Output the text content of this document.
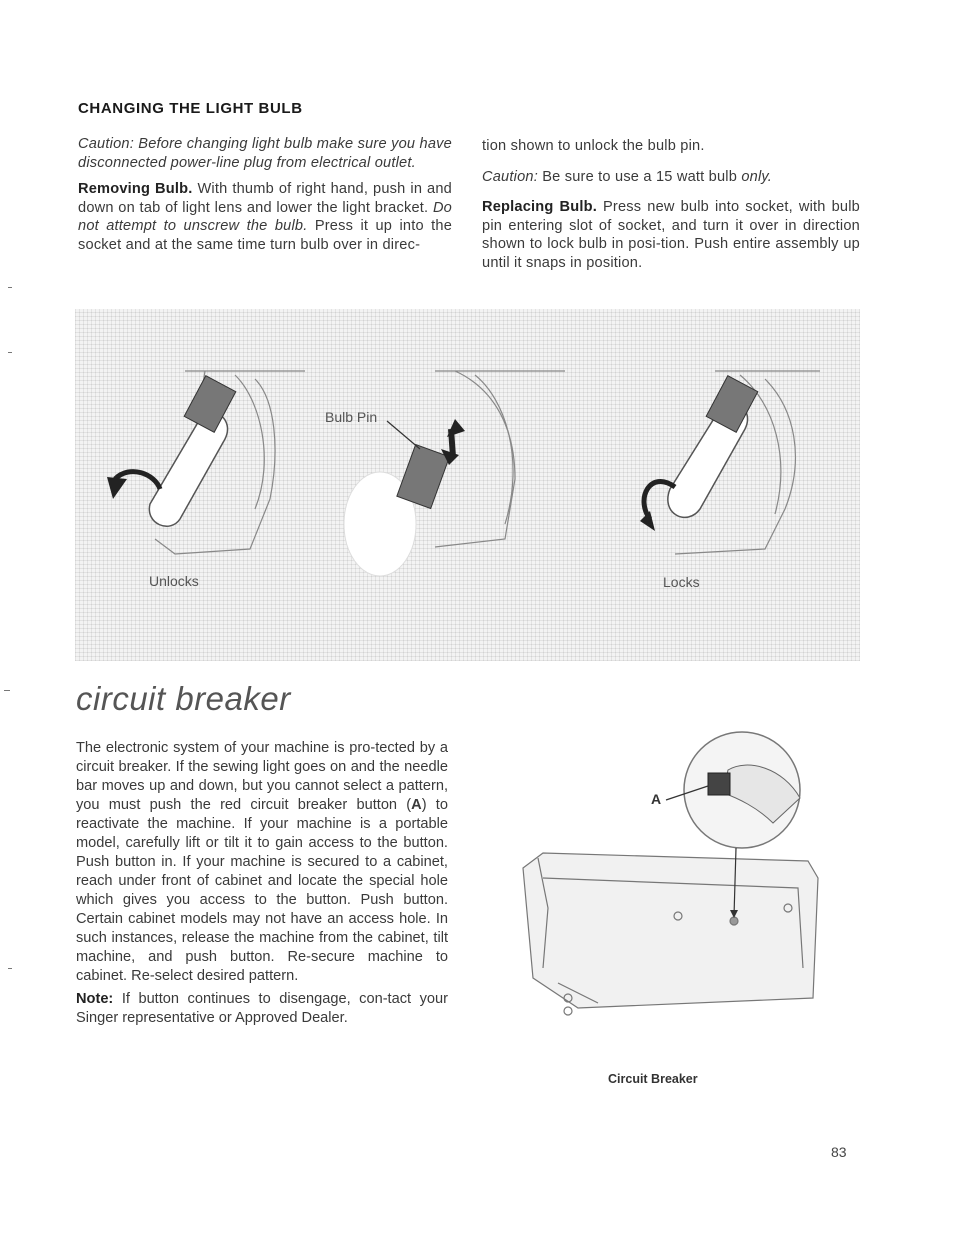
CHANGING THE LIGHT BULB

Caution: Before changing light bulb make sure you have disconnected power-line plug from electrical outlet.

Removing Bulb. With thumb of right hand, push in and down on tab of light lens and lower the light bracket. Do not attempt to unscrew the bulb. Press it up into the socket and at the same time turn bulb over in direc-

tion shown to unlock the bulb pin.

Caution: Be sure to use a 15 watt bulb only.

Replacing Bulb. Press new bulb into socket, with bulb pin entering slot of socket, and turn it over in direction shown to lock bulb in posi-tion. Push entire assembly up until it snaps in position.

Unlocks
Bulb Pin
Locks
circuit breaker

The electronic system of your machine is pro-tected by a circuit breaker. If the sewing light goes on and the needle bar moves up and down, but you cannot select a pattern, you must push the red circuit breaker button (A) to reactivate the machine. If your machine is a portable model, carefully lift or tilt it to gain access to the button. Push button in. If your machine is secured to a cabinet, reach under front of cabinet and locate the special hole which gives you access to the button. Push button. Certain cabinet models may not have an access hole. In such instances, release the machine from the cabinet, tilt machine, and push button. Re-secure machine to cabinet. Re-select desired pattern.

Note: If button continues to disengage, con-tact your Singer representative or Approved Dealer.

A
Circuit Breaker
83
